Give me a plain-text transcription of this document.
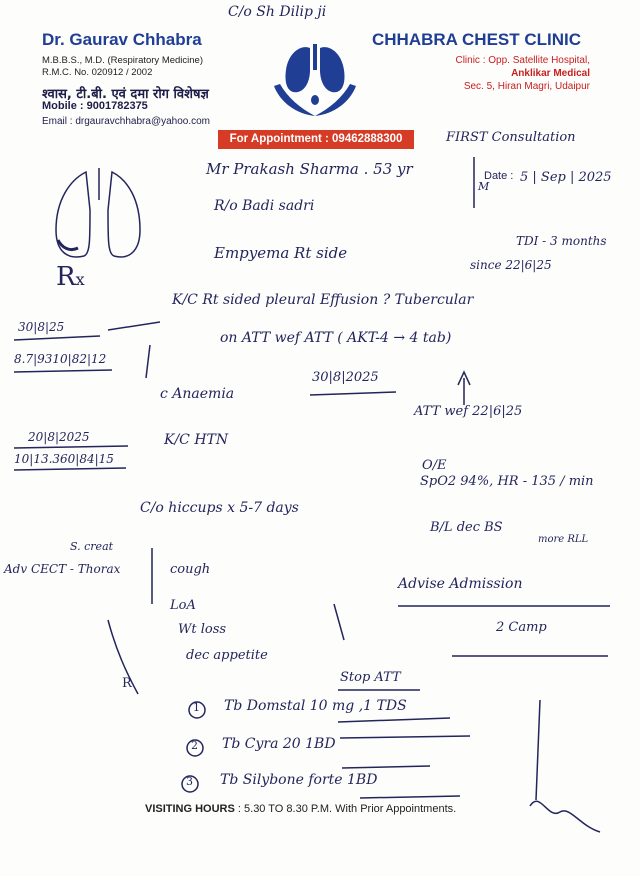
Dr. Gaurav Chhabra
M.B.B.S., M.D. (Respiratory Medicine)
R.M.C. No. 020912 / 2002
श्वास, टी.बी. एवं दमा रोग विशेषज्ञ
Mobile : 9001782375
Email : drgauravchhabra@yahoo.com
CHHABRA CHEST CLINIC
Clinic : Opp. Satellite Hospital,
Anklikar Medical
Sec. 5, Hiran Magri, Udaipur
For Appointment : 09462888300
C/o Sh Dilip ji
FIRST Consultation
Mr Prakash Sharma . 53 yr
M
Date : 5 | Sep | 2025
R/o Badi sadri
Rx
Empyema Rt side
TDI - 3 months
since 22|6|25
K/C Rt sided pleural Effusion ? Tubercular
on ATT wef ATT ( AKT-4 → 4 tab)
30|8|25
8.7|9310|82|12
c Anaemia
30|8|2025
ATT wef 22|6|25
20|8|2025
10|13.360|84|15
K/C HTN
O/E
SpO2 94%, HR - 135 / min
B/L dec BS
more RLL
C/o hiccups x 5-7 days
S. creat
Adv CECT - Thorax	cough
LoA
Wt loss
dec appetite
Advise Admission
2 Camp
R	Stop ATT
1 Tb Domstal 10 mg ,1 TDS
2 Tb Cyra 20 1BD
3 Tb Silybone forte 1BD
VISITING HOURS : 5.30 TO 8.30 P.M. With Prior Appointments.
